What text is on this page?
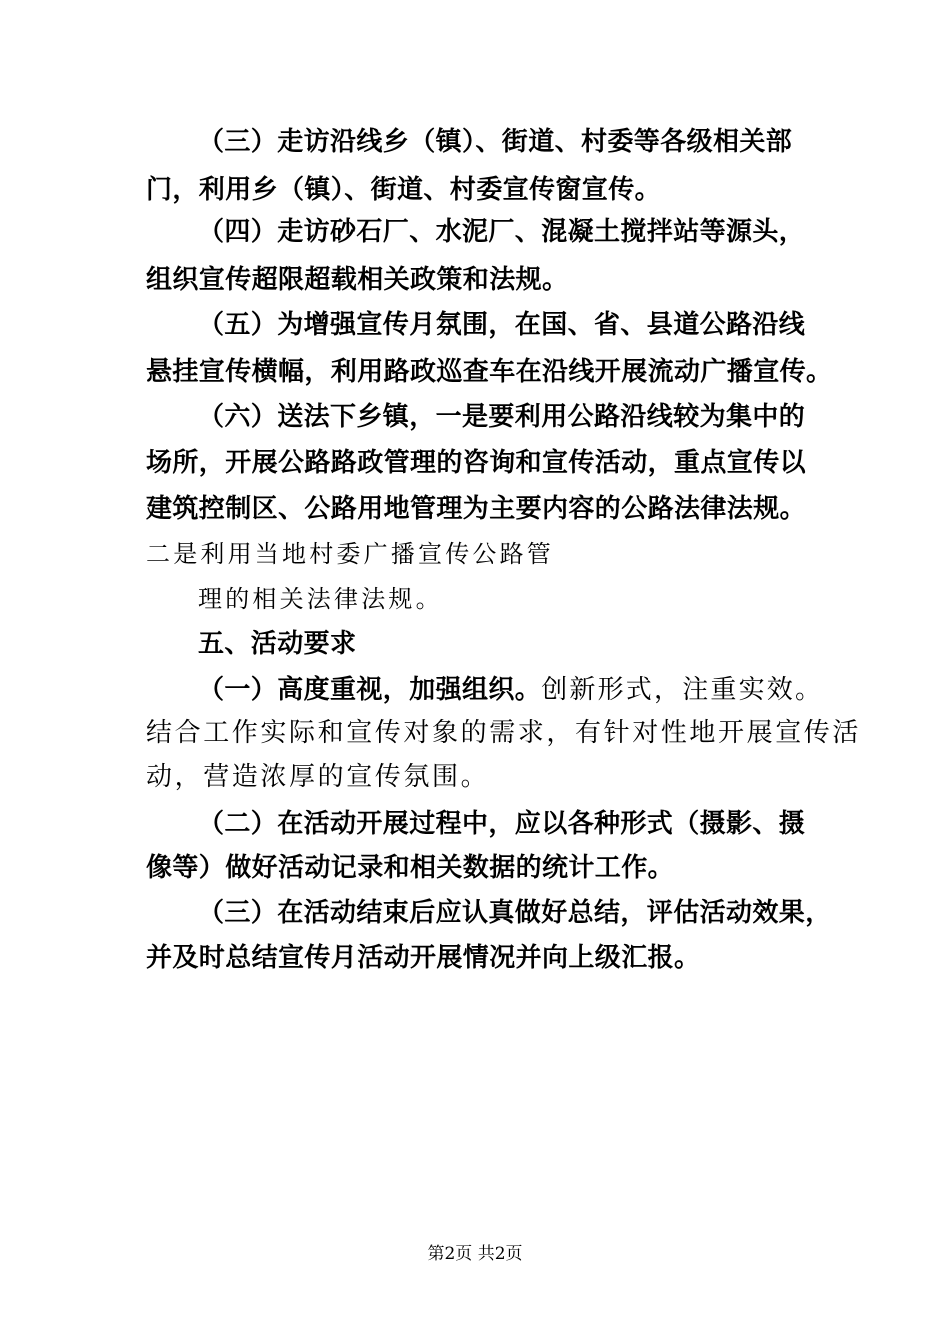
（三）走访沿线乡（镇）、街道、村委等各级相关部
门，利用乡（镇）、街道、村委宣传窗宣传。
（四）走访砂石厂、水泥厂、混凝土搅拌站等源头，
组织宣传超限超载相关政策和法规。
（五）为增强宣传月氛围，在国、省、县道公路沿线
悬挂宣传横幅，利用路政巡查车在沿线开展流动广播宣传。
（六）送法下乡镇，一是要利用公路沿线较为集中的
场所，开展公路路政管理的咨询和宣传活动，重点宣传以
建筑控制区、公路用地管理为主要内容的公路法律法规。
二是利用当地村委广播宣传公路管
理的相关法律法规。
五、活动要求
（一）高度重视，加强组织。创新形式，注重实效。
结合工作实际和宣传对象的需求，有针对性地开展宣传活
动，营造浓厚的宣传氛围。
（二）在活动开展过程中，应以各种形式（摄影、摄
像等）做好活动记录和相关数据的统计工作。
（三）在活动结束后应认真做好总结，评估活动效果，
并及时总结宣传月活动开展情况并向上级汇报。
第2页 共2页
